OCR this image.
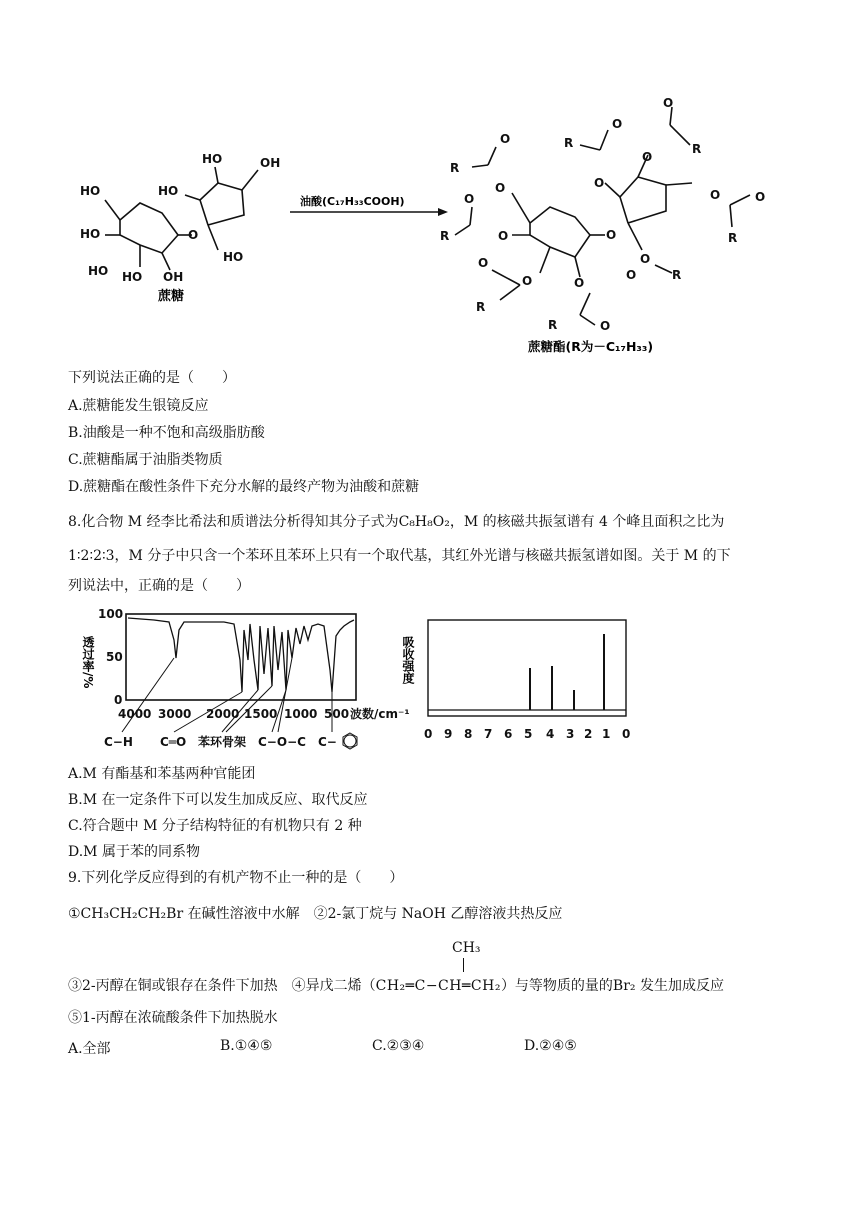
HO
HO
HO	OH
HO
HO
HO	OH
HO
O
蔗糖
油酸(C₁₇H₃₃COOH)
O
R
O
O
R	O
O
O
R
O
R	O
O
R
O
O
O
R
O
O	O
R
O
O	R
蔗糖酯(R为－C₁₇H₃₃)
下列说法正确的是（　　）
A.蔗糖能发生银镜反应
B.油酸是一种不饱和高级脂肪酸
C.蔗糖酯属于油脂类物质
D.蔗糖酯在酸性条件下充分水解的最终产物为油酸和蔗糖
8.化合物 M 经李比希法和质谱法分析得知其分子式为C₈H₈O₂，M 的核磁共振氢谱有 4 个峰且面积之比为
1∶2∶2∶3，M 分子中只含一个苯环且苯环上只有一个取代基，其红外光谱与核磁共振氢谱如图。关于 M 的下
列说法中，正确的是（　　）
100
50
0
透过率/%
4000 3000 2000 1500 1000 500 波数/cm⁻¹
C−H C═O 苯环骨架 C−O−C C−
吸收强度
0 9 8 7 6 5 4 3 2 1 0
A.M 有酯基和苯基两种官能团
B.M 在一定条件下可以发生加成反应、取代反应
C.符合题中 M 分子结构特征的有机物只有 2 种
D.M 属于苯的同系物
9.下列化学反应得到的有机产物不止一种的是（　　）
①CH₃CH₂CH₂Br 在碱性溶液中水解　②2-氯丁烷与 NaOH 乙醇溶液共热反应
CH₃
③2-丙醇在铜或银存在条件下加热　④异戊二烯（CH₂═C−CH═CH₂）与等物质的量的Br₂ 发生加成反应
⑤1-丙醇在浓硫酸条件下加热脱水
A.全部	B.①④⑤	C.②③④	D.②④⑤
